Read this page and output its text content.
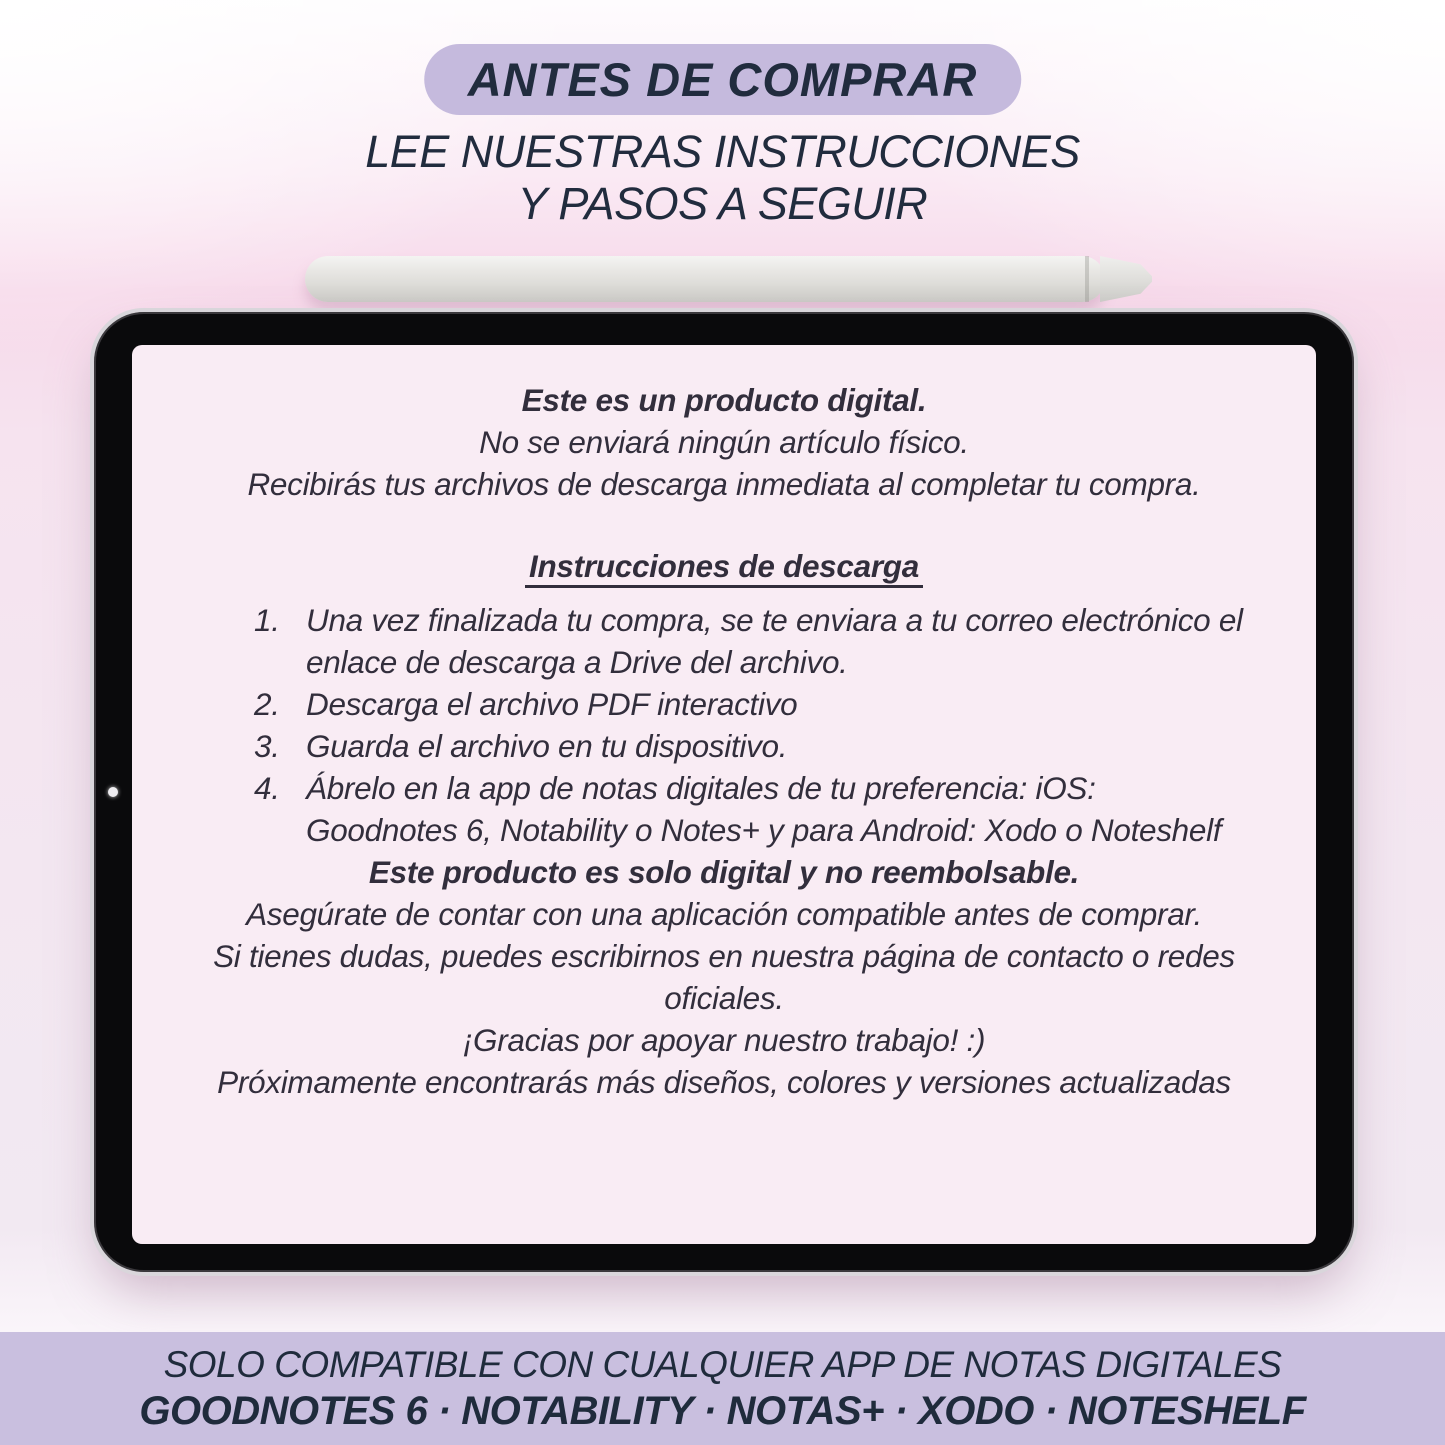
ANTES DE COMPRAR
LEE NUESTRAS INSTRUCCIONES
Y PASOS A SEGUIR

Este es un producto digital.

No se enviará ningún artículo físico.

Recibirás tus archivos de descarga inmediata al completar tu compra.

Instrucciones de descarga
1. Una vez finalizada tu compra, se te enviara a tu correo electrónico el enlace de descarga a Drive del archivo.
2. Descarga el archivo PDF interactivo
3. Guarda el archivo en tu dispositivo.
4. Ábrelo en la app de notas digitales de tu preferencia: iOS: Goodnotes 6, Notability o Notes+ y para Android: Xodo o Noteshelf

Este producto es solo digital y no reembolsable.

Asegúrate de contar con una aplicación compatible antes de comprar.

Si tienes dudas, puedes escribirnos en nuestra página de contacto o redes oficiales.

¡Gracias por apoyar nuestro trabajo! :)

Próximamente encontrarás más diseños, colores y versiones actualizadas

SOLO COMPATIBLE CON CUALQUIER APP DE NOTAS DIGITALES
GOODNOTES 6 · NOTABILITY · NOTAS+ · XODO · NOTESHELF
